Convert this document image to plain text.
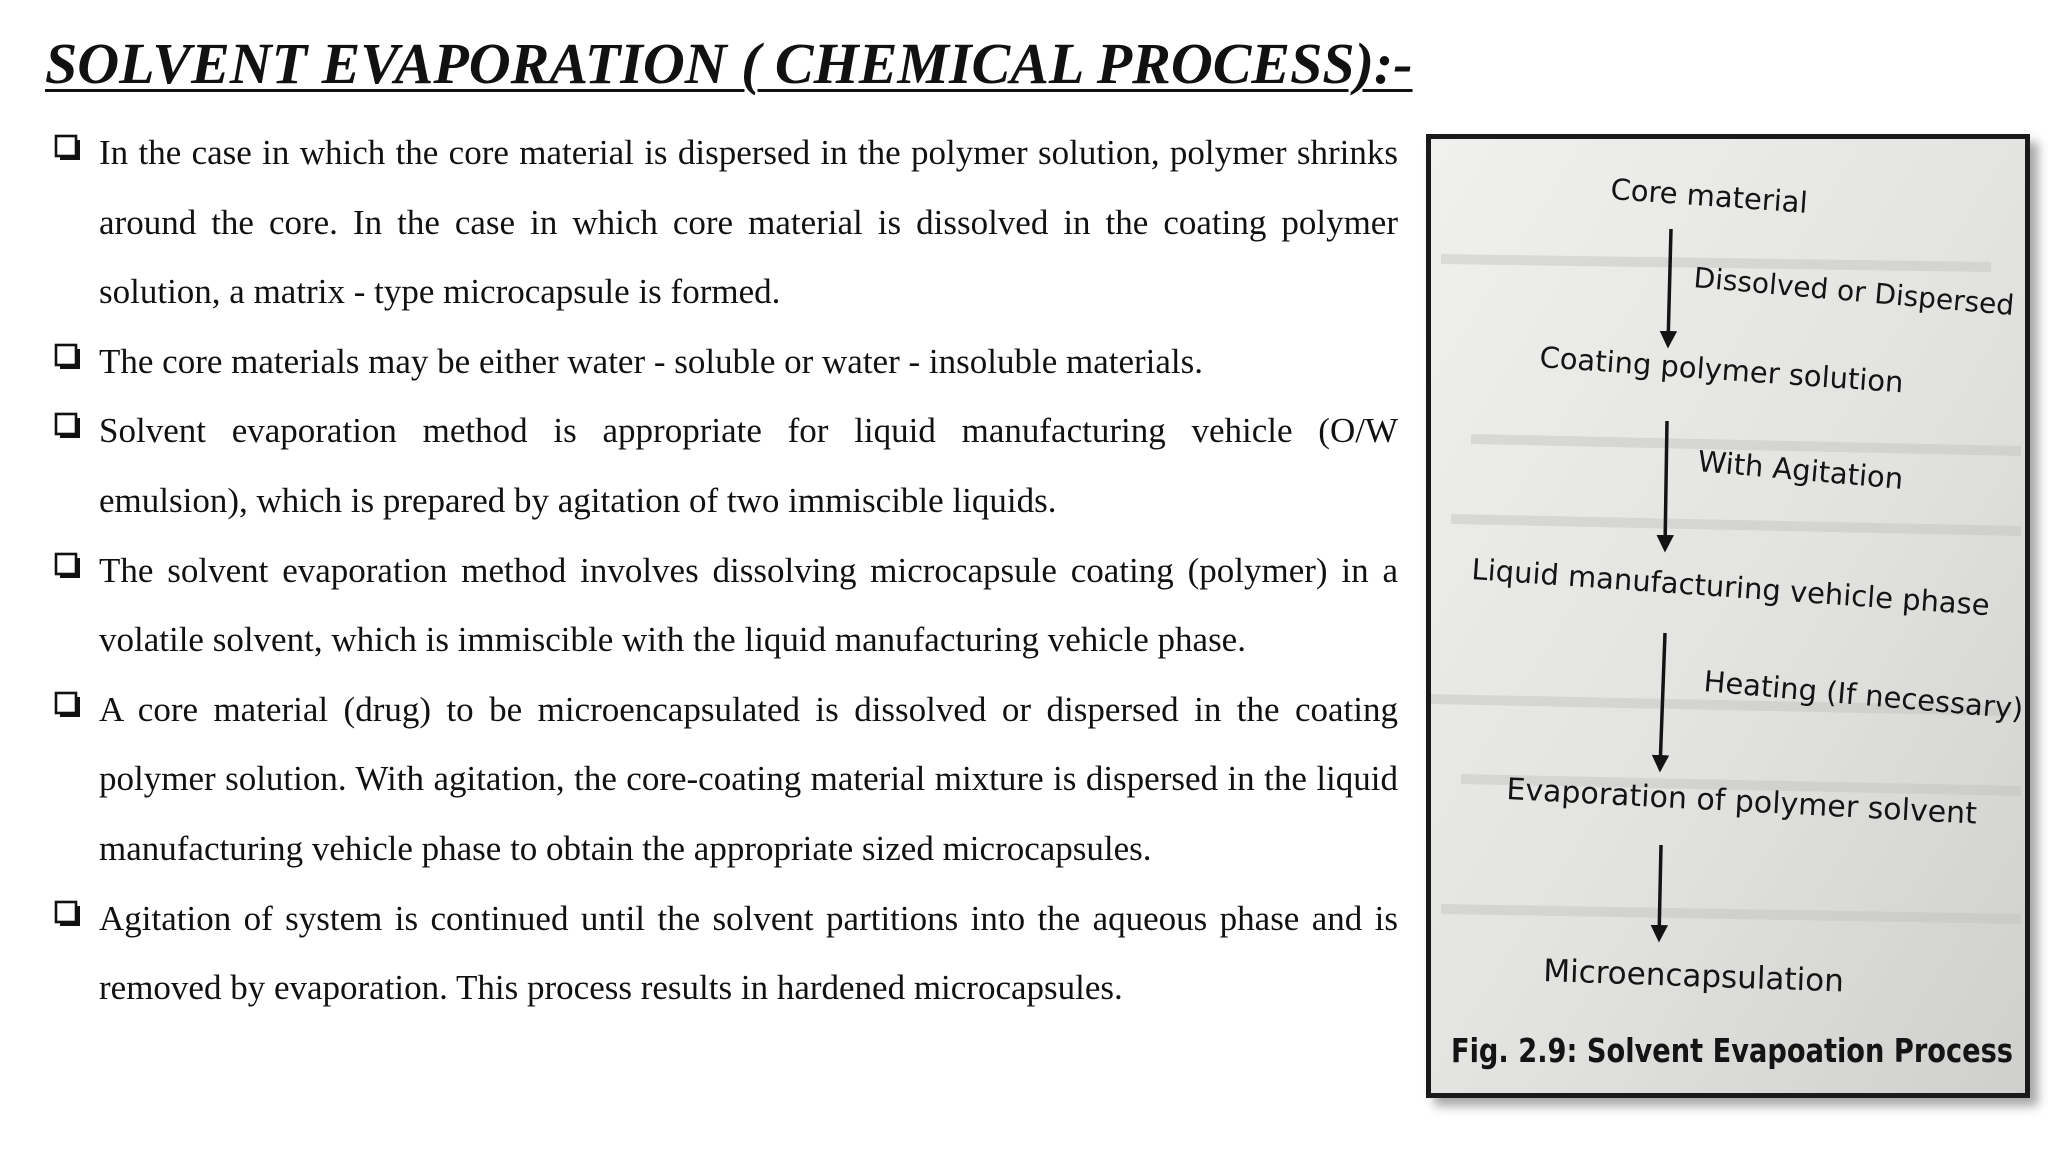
SOLVENT EVAPORATION ( CHEMICAL PROCESS):-
In the case in which the core material is dispersed in the polymer solution, polymer shrinks around the core. In the case in which core material is dissolved in the coating polymer solution, a matrix - type microcapsule is formed.
The core materials may be either water - soluble or water - insoluble materials.
Solvent evaporation method is appropriate for liquid manufacturing vehicle (O/W emulsion), which is prepared by agitation of two immiscible liquids.
The solvent evaporation method involves dissolving microcapsule coating (polymer) in a volatile solvent, which is immiscible with the liquid manufacturing vehicle phase.
A core material (drug) to be microencapsulated is dissolved or dispersed in the coating polymer solution. With agitation, the core-coating material mixture is dispersed in the liquid manufacturing vehicle phase to obtain the appropriate sized microcapsules.
Agitation of system is continued until the solvent partitions into the aqueous phase and is removed by evaporation. This process results in hardened microcapsules.
Core material
Coating polymer solution
Liquid manufacturing vehicle phase
Evaporation of polymer solvent
Microencapsulation
Dissolved or Dispersed
With Agitation
Heating (If necessary)
Fig. 2.9: Solvent Evapoation Process
